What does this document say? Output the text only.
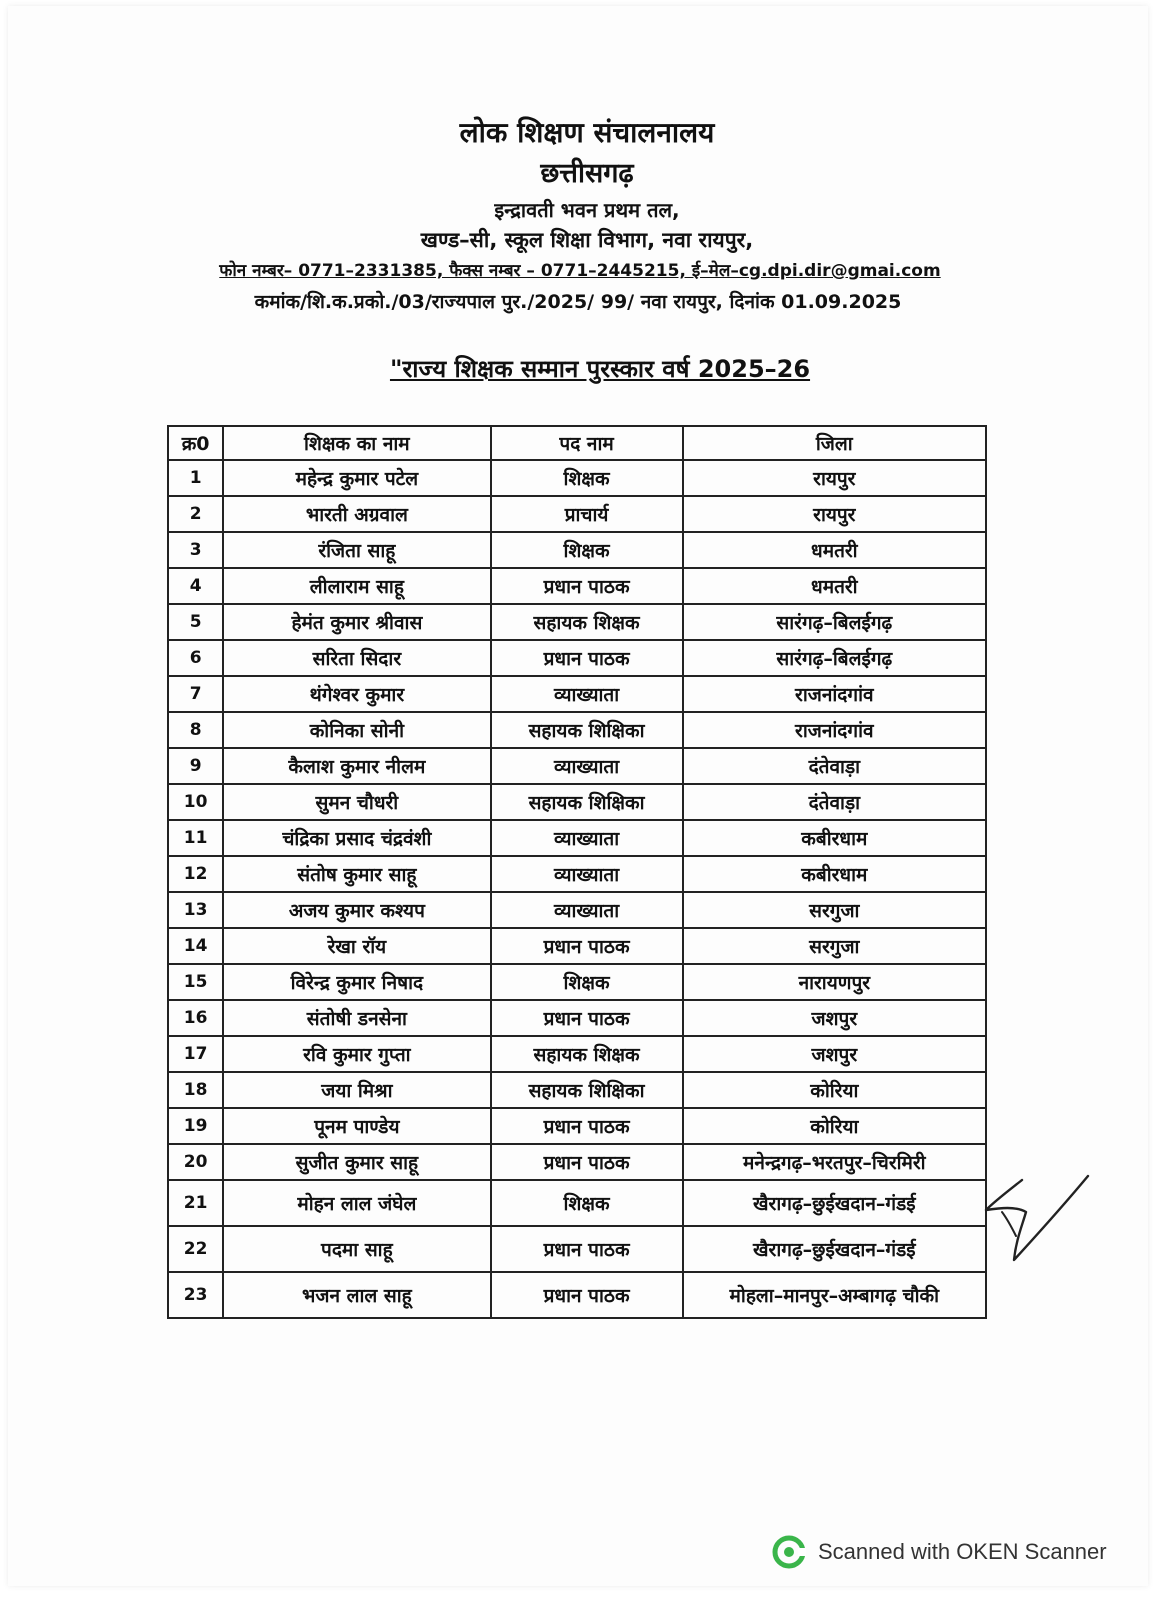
लोक शिक्षण संचालनालय
छत्तीसगढ़
इन्द्रावती भवन प्रथम तल,
खण्ड–सी, स्कूल शिक्षा विभाग, नवा रायपुर,
फोन नम्बर– 0771–2331385, फैक्स नम्बर – 0771–2445215, ई–मेल–cg.dpi.dir@gmai.com
कमांक/शि.क.प्रको./03/राज्यपाल पुर./2025/ 99/ नवा रायपुर, दिनांक 01.09.2025
"राज्य शिक्षक सम्मान पुरस्कार वर्ष 2025–26
क्र0	शिक्षक का नाम	पद नाम	जिला
1	महेन्द्र कुमार पटेल	शिक्षक	रायपुर
2	भारती अग्रवाल	प्राचार्य	रायपुर
3	रंजिता साहू	शिक्षक	धमतरी
4	लीलाराम साहू	प्रधान पाठक	धमतरी
5	हेमंत कुमार श्रीवास	सहायक शिक्षक	सारंगढ़–बिलईगढ़
6	सरिता सिदार	प्रधान पाठक	सारंगढ़–बिलईगढ़
7	थंगेश्वर कुमार	व्याख्याता	राजनांदगांव
8	कोनिका सोनी	सहायक शिक्षिका	राजनांदगांव
9	कैलाश कुमार नीलम	व्याख्याता	दंतेवाड़ा
10	सुमन चौधरी	सहायक शिक्षिका	दंतेवाड़ा
11	चंद्रिका प्रसाद चंद्रवंशी	व्याख्याता	कबीरधाम
12	संतोष कुमार साहू	व्याख्याता	कबीरधाम
13	अजय कुमार कश्यप	व्याख्याता	सरगुजा
14	रेखा रॉय	प्रधान पाठक	सरगुजा
15	विरेन्द्र कुमार निषाद	शिक्षक	नारायणपुर
16	संतोषी डनसेना	प्रधान पाठक	जशपुर
17	रवि कुमार गुप्ता	सहायक शिक्षक	जशपुर
18	जया मिश्रा	सहायक शिक्षिका	कोरिया
19	पूनम पाण्डेय	प्रधान पाठक	कोरिया
20	सुजीत कुमार साहू	प्रधान पाठक	मनेन्द्रगढ़–भरतपुर–चिरमिरी
21	मोहन लाल जंघेल	शिक्षक	खैरागढ़–छुईखदान–गंडई
22	पदमा साहू	प्रधान पाठक	खैरागढ़–छुईखदान–गंडई
23	भजन लाल साहू	प्रधान पाठक	मोहला–मानपुर–अम्बागढ़ चौकी
Scanned with OKEN Scanner
